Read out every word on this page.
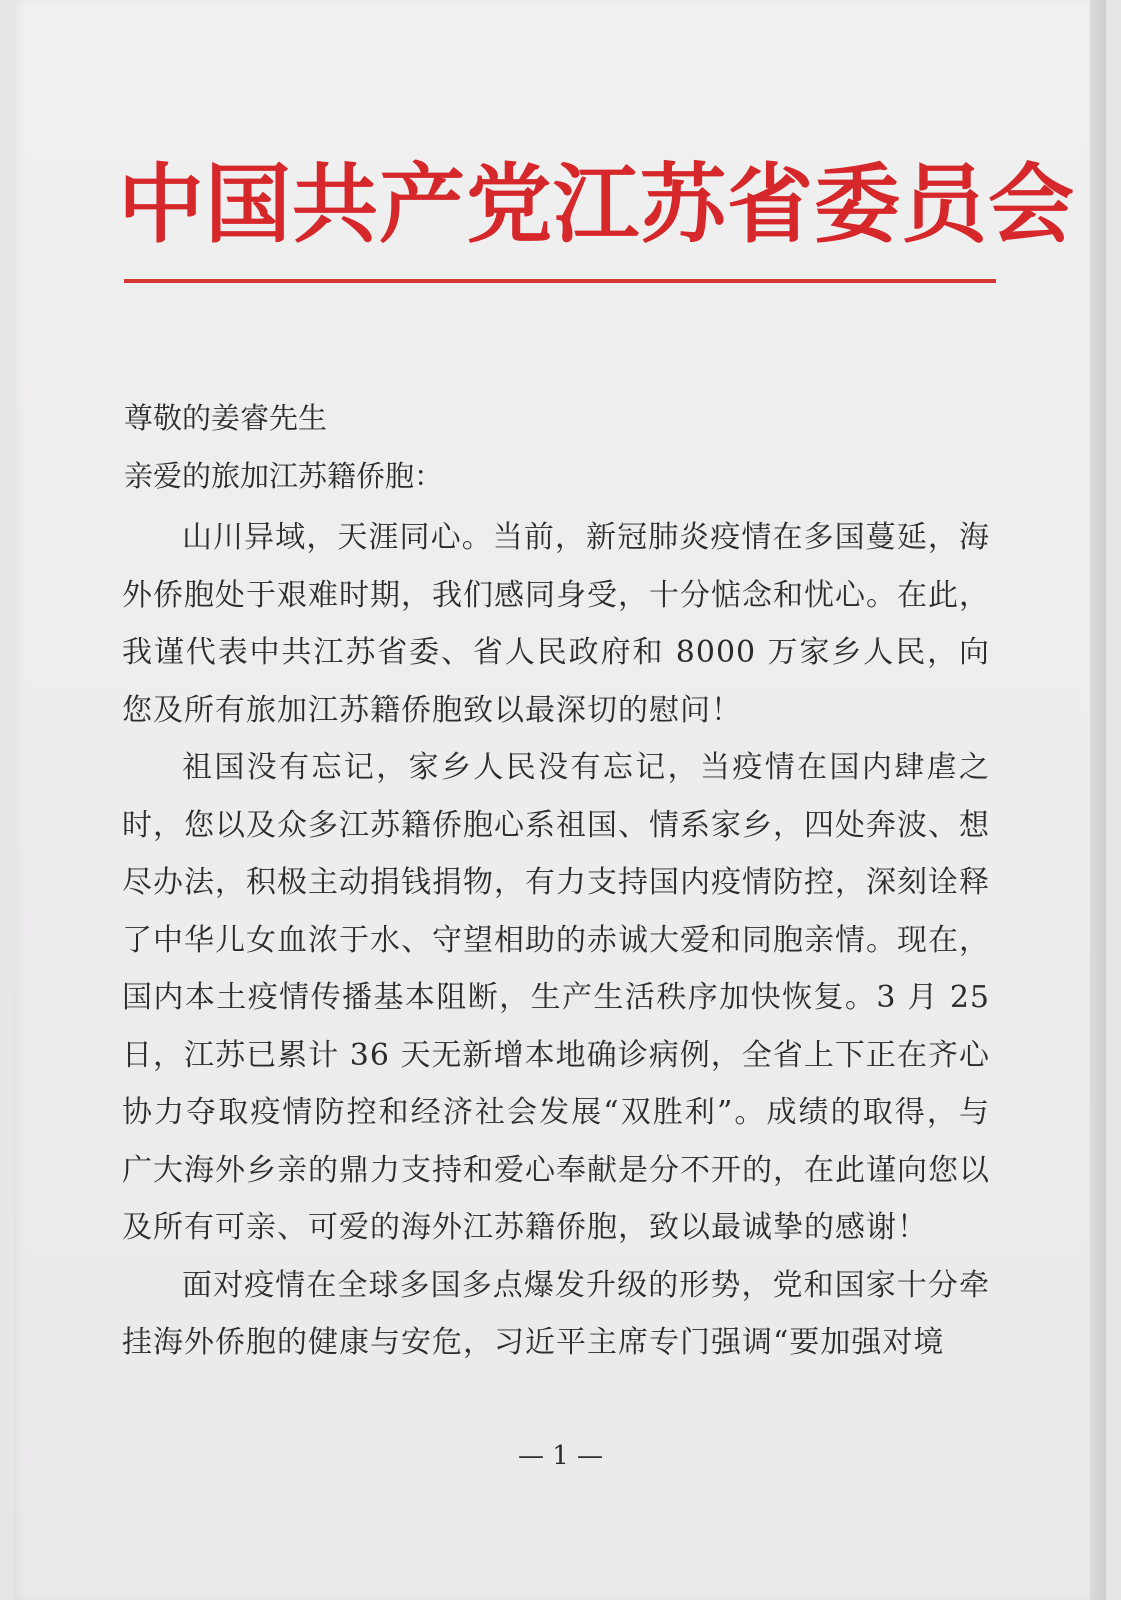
中国共产党江苏省委员会

尊敬的姜睿先生

亲爱的旅加江苏籍侨胞：

山川异域，天涯同心。当前，新冠肺炎疫情在多国蔓延，海外侨胞处于艰难时期，我们感同身受，十分惦念和忧心。在此，我谨代表中共江苏省委、省人民政府和 8000 万家乡人民，向您及所有旅加江苏籍侨胞致以最深切的慰问！

祖国没有忘记，家乡人民没有忘记，当疫情在国内肆虐之时，您以及众多江苏籍侨胞心系祖国、情系家乡，四处奔波、想尽办法，积极主动捐钱捐物，有力支持国内疫情防控，深刻诠释了中华儿女血浓于水、守望相助的赤诚大爱和同胞亲情。现在，国内本土疫情传播基本阻断，生产生活秩序加快恢复。3 月 25 日，江苏已累计 36 天无新增本地确诊病例，全省上下正在齐心协力夺取疫情防控和经济社会发展“双胜利”。成绩的取得，与广大海外乡亲的鼎力支持和爱心奉献是分不开的，在此谨向您以及所有可亲、可爱的海外江苏籍侨胞，致以最诚挚的感谢！

面对疫情在全球多国多点爆发升级的形势，党和国家十分牵挂海外侨胞的健康与安危，习近平主席专门强调“要加强对境

— 1 —
